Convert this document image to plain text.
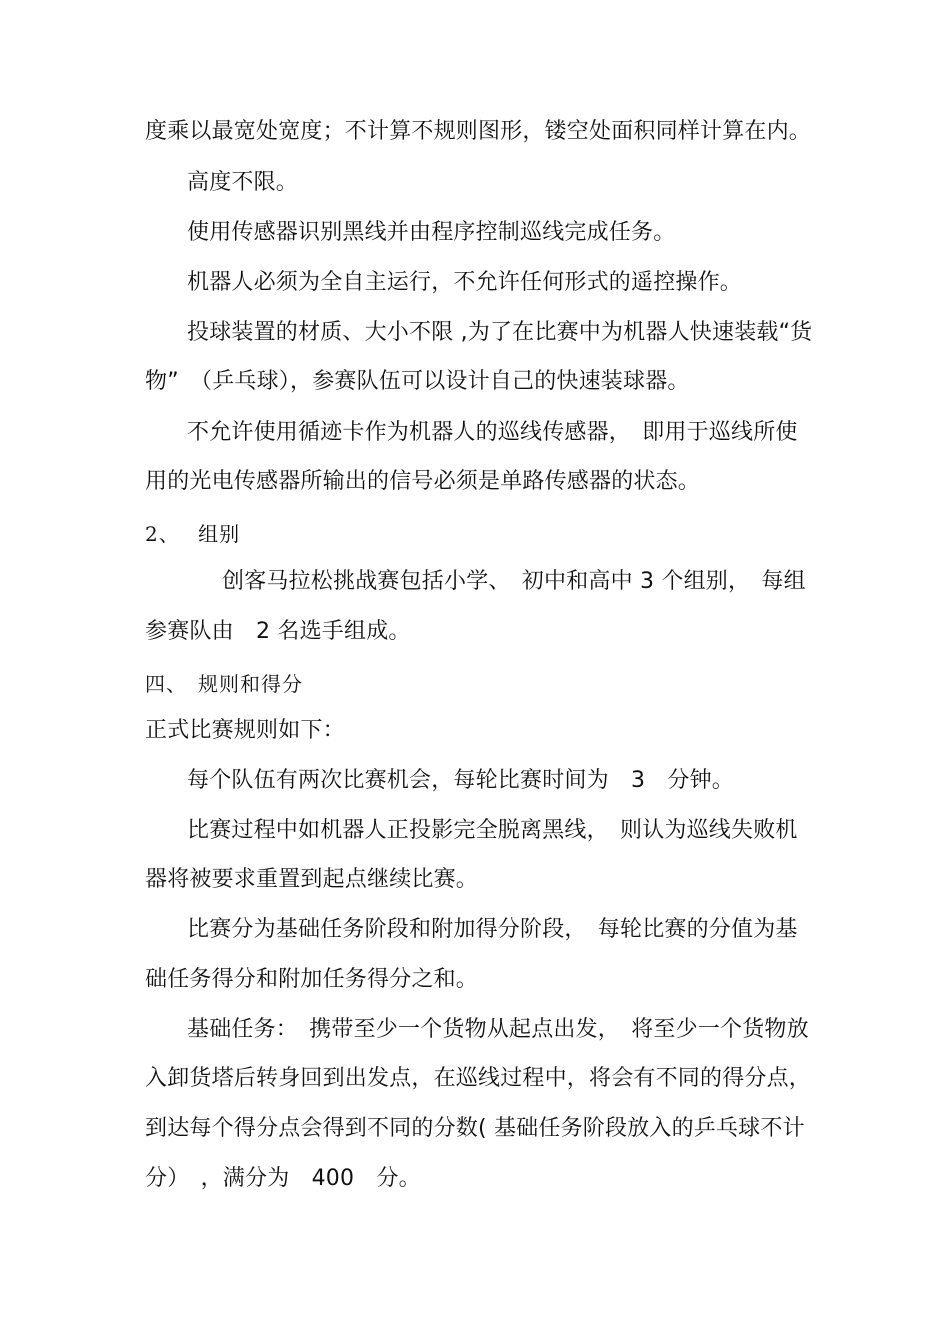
度乘以最宽处宽度；不计算不规则图形，镂空处面积同样计算在内。
高度不限。
使用传感器识别黑线并由程序控制巡线完成任务。
机器人必须为全自主运行，不允许任何形式的遥控操作。
投球装置的材质、大小不限 ,为了在比赛中为机器人快速装载“货
物”　（乒乓球），参赛队伍可以设计自己的快速装球器。
不允许使用循迹卡作为机器人的巡线传感器，　即用于巡线所使
用的光电传感器所输出的信号必须是单路传感器的状态。
2、　 组别
创客马拉松挑战赛包括小学、　初中和高中 3 个组别，　每组
参赛队由　2 名选手组成。
四、　规则和得分
正式比赛规则如下：
每个队伍有两次比赛机会，每轮比赛时间为　3　分钟。
比赛过程中如机器人正投影完全脱离黑线，　则认为巡线失败机
器将被要求重置到起点继续比赛。
比赛分为基础任务阶段和附加得分阶段，　每轮比赛的分值为基
础任务得分和附加任务得分之和。
基础任务：　携带至少一个货物从起点出发，　将至少一个货物放
入卸货塔后转身回到出发点，在巡线过程中，将会有不同的得分点，
到达每个得分点会得到不同的分数( 基础任务阶段放入的乒乓球不计
分）　，满分为　400　分。
